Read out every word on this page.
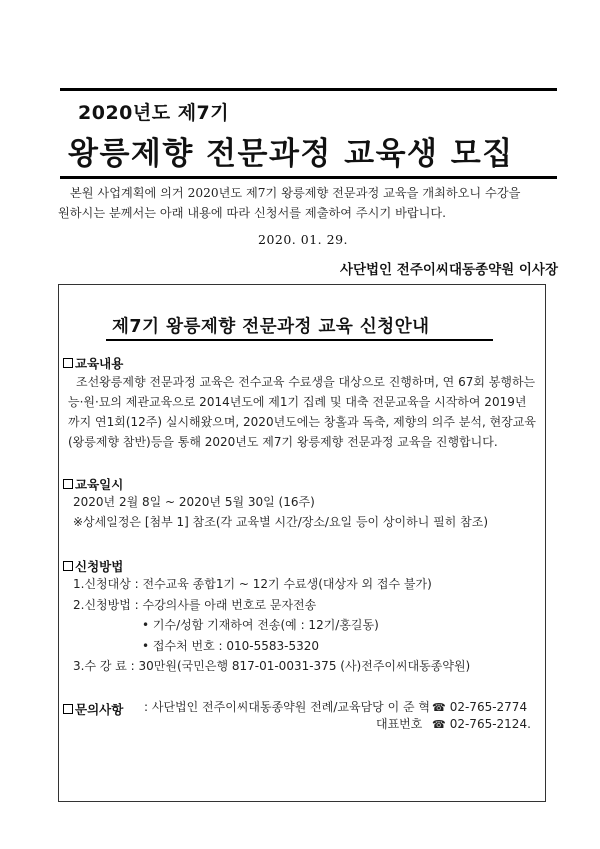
2020년도 제7기
왕릉제향 전문과정 교육생 모집
본원 사업계획에 의거 2020년도 제7기 왕릉제향 전문과정 교육을 개최하오니 수강을
원하시는 분께서는 아래 내용에 따라 신청서를 제출하여 주시기 바랍니다.
2020. 01. 29.
사단법인 전주이씨대동종약원 이사장
제7기 왕릉제향 전문과정 교육 신청안내
교육내용
조선왕릉제향 전문과정 교육은 전수교육 수료생을 대상으로 진행하며, 연 67회 봉행하는
능·원·묘의 제관교육으로 2014년도에 제1기 집례 및 대축 전문교육을 시작하여 2019년
까지 연1회(12주) 실시해왔으며, 2020년도에는 창홀과 독축, 제향의 의주 분석, 현장교육
(왕릉제향 참반)등을 통해 2020년도 제7기 왕릉제향 전문과정 교육을 진행합니다.
교육일시
2020년 2월 8일 ~ 2020년 5월 30일 (16주)
※상세일정은 [첨부 1] 참조(각 교육별 시간/장소/요일 등이 상이하니 필히 참조)
신청방법
1.신청대상 : 전수교육 종합1기 ~ 12기 수료생(대상자 외 접수 불가)
2.신청방법 : 수강의사를 아래 번호로 문자전송
• 기수/성함 기재하여 전송(예 : 12기/홍길동)
• 접수처 번호 : 010-5583-5320
3.수 강 료 : 30만원(국민은행 817-01-0031-375 (사)전주이씨대동종약원)
문의사항 : 사단법인 전주이씨대동종약원 전례/교육담당 이 준 혁 ☎ 02-765-2774
대표번호 ☎ 02-765-2124.
